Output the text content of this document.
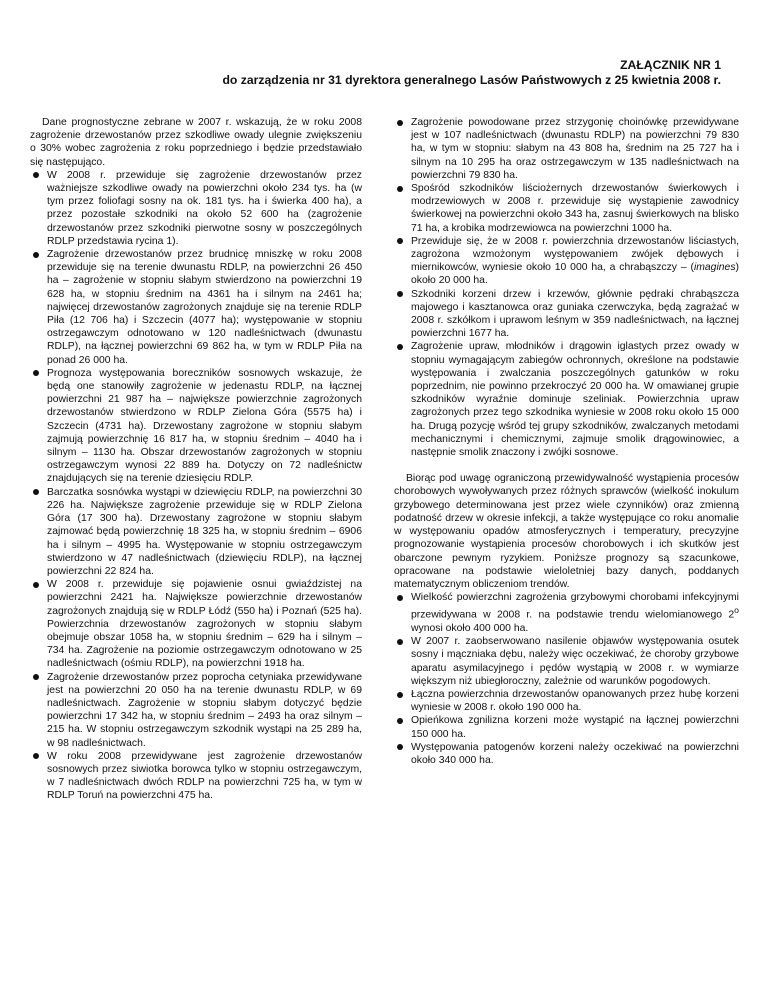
ZAŁĄCZNIK NR 1
do zarządzenia nr 31 dyrektora generalnego Lasów Państwowych z 25 kwietnia 2008 r.

Dane prognostyczne zebrane w 2007 r. wskazują, że w roku 2008 zagrożenie drzewostanów przez szkodliwe owady ulegnie zwiększeniu o 30% wobec zagrożenia z roku poprzedniego i będzie przedstawiało się następująco.

W 2008 r. przewiduje się zagrożenie drzewostanów przez ważniejsze szkodliwe owady na powierzchni około 234 tys. ha (w tym przez foliofagi sosny na ok. 181 tys. ha i świerka 400 ha), a przez pozostałe szkodniki na około 52 600 ha (zagrożenie drzewostanów przez szkodniki pierwotne sosny w poszczególnych RDLP przedstawia rycina 1).
Zagrożenie drzewostanów przez brudnicę mniszkę w roku 2008 przewiduje się na terenie dwunastu RDLP, na powierzchni 26 450 ha – zagrożenie w stopniu słabym stwierdzono na powierzchni 19 628 ha, w stopniu średnim na 4361 ha i silnym na 2461 ha; najwięcej drzewostanów zagrożonych znajduje się na terenie RDLP Piła (12 706 ha) i Szczecin (4077 ha); występowanie w stopniu ostrzegawczym odnotowano w 120 nadleśnictwach (dwunastu RDLP), na łącznej powierzchni 69 862 ha, w tym w RDLP Piła na ponad 26 000 ha.
Prognoza występowania boreczników sosnowych wskazuje, że będą one stanowiły zagrożenie w jedenastu RDLP, na łącznej powierzchni 21 987 ha – największe powierzchnie zagrożonych drzewostanów stwierdzono w RDLP Zielona Góra (5575 ha) i Szczecin (4731 ha). Drzewostany zagrożone w stopniu słabym zajmują powierzchnię 16 817 ha, w stopniu średnim – 4040 ha i silnym – 1130 ha. Obszar drzewostanów zagrożonych w stopniu ostrzegawczym wynosi 22 889 ha. Dotyczy on 72 nadleśnictw znajdujących się na terenie dziesięciu RDLP.
Barczatka sosnówka wystąpi w dziewięciu RDLP, na powierzchni 30 226 ha. Największe zagrożenie przewiduje się w RDLP Zielona Góra (17 300 ha). Drzewostany zagrożone w stopniu słabym zajmować będą powierzchnię 18 325 ha, w stopniu średnim – 6906 ha i silnym – 4995 ha. Występowanie w stopniu ostrzegawczym stwierdzono w 47 nadleśnictwach (dziewięciu RDLP), na łącznej powierzchni 22 824 ha.
W 2008 r. przewiduje się pojawienie osnui gwiaździstej na powierzchni 2421 ha. Największe powierzchnie drzewostanów zagrożonych znajdują się w RDLP Łódź (550 ha) i Poznań (525 ha). Powierzchnia drzewostanów zagrożonych w stopniu słabym obejmuje obszar 1058 ha, w stopniu średnim – 629 ha i silnym – 734 ha. Zagrożenie na poziomie ostrzegawczym odnotowano w 25 nadleśnictwach (ośmiu RDLP), na powierzchni 1918 ha.
Zagrożenie drzewostanów przez poprocha cetyniaka przewidywane jest na powierzchni 20 050 ha na terenie dwunastu RDLP, w 69 nadleśnictwach. Zagrożenie w stopniu słabym dotyczyć będzie powierzchni 17 342 ha, w stopniu średnim – 2493 ha oraz silnym – 215 ha. W stopniu ostrzegawczym szkodnik wystąpi na 25 289 ha, w 98 nadleśnictwach.
W roku 2008 przewidywane jest zagrożenie drzewostanów sosnowych przez siwiotka borowca tylko w stopniu ostrzegawczym, w 7 nadleśnictwach dwóch RDLP na powierzchni 725 ha, w tym w RDLP Toruń na powierzchni 475 ha.
Zagrożenie powodowane przez strzygonię choinówkę przewidywane jest w 107 nadleśnictwach (dwunastu RDLP) na powierzchni 79 830 ha, w tym w stopniu: słabym na 43 808 ha, średnim na 25 727 ha i silnym na 10 295 ha oraz ostrzegawczym w 135 nadleśnictwach na powierzchni 79 830 ha.
Spośród szkodników liściożernych drzewostanów świerkowych i modrzewiowych w 2008 r. przewiduje się wystąpienie zawodnicy świerkowej na powierzchni około 343 ha, zasnuj świerkowych na blisko 71 ha, a krobika modrzewiowca na powierzchni 1000 ha.
Przewiduje się, że w 2008 r. powierzchnia drzewostanów liściastych, zagrożona wzmożonym występowaniem zwójek dębowych i miernikowców, wyniesie około 10 000 ha, a chrabąszczy – (imagines) około 20 000 ha.
Szkodniki korzeni drzew i krzewów, głównie pędraki chrabąszcza majowego i kasztanowca oraz guniaka czerwczyka, będą zagrażać w 2008 r. szkółkom i uprawom leśnym w 359 nadleśnictwach, na łącznej powierzchni 1677 ha.
Zagrożenie upraw, młodników i drągowin iglastych przez owady w stopniu wymagającym zabiegów ochronnych, określone na podstawie występowania i zwalczania poszczególnych gatunków w roku poprzednim, nie powinno przekroczyć 20 000 ha. W omawianej grupie szkodników wyraźnie dominuje szeliniak. Powierzchnia upraw zagrożonych przez tego szkodnika wyniesie w 2008 roku około 15 000 ha. Drugą pozycję wśród tej grupy szkodników, zwalczanych metodami mechanicznymi i chemicznymi, zajmuje smolik drągowinowiec, a następnie smolik znaczony i zwójki sosnowe.

Biorąc pod uwagę ograniczoną przewidywalność wystąpienia procesów chorobowych wywoływanych przez różnych sprawców (wielkość inokulum grzybowego determinowana jest przez wiele czynników) oraz zmienną podatność drzew w okresie infekcji, a także występujące co roku anomalie w występowaniu opadów atmosferycznych i temperatury, precyzyjne prognozowanie wystąpienia procesów chorobowych i ich skutków jest obarczone pewnym ryzykiem. Poniższe prognozy są szacunkowe, opracowane na podstawie wieloletniej bazy danych, poddanych matematycznym obliczeniom trendów.

Wielkość powierzchni zagrożenia grzybowymi chorobami infekcyjnymi przewidywana w 2008 r. na podstawie trendu wielomianowego 2$^o$ wynosi około 400 000 ha.
W 2007 r. zaobserwowano nasilenie objawów występowania osutek sosny i mączniaka dębu, należy więc oczekiwać, że choroby grzybowe aparatu asymilacyjnego i pędów wystąpią w 2008 r. w wymiarze większym niż ubiegłoroczny, zależnie od warunków pogodowych.
Łączna powierzchnia drzewostanów opanowanych przez hubę korzeni wyniesie w 2008 r. około 190 000 ha.
Opieńkowa zgnilizna korzeni może wystąpić na łącznej powierzchni 150 000 ha.
Występowania patogenów korzeni należy oczekiwać na powierzchni około 340 000 ha.
